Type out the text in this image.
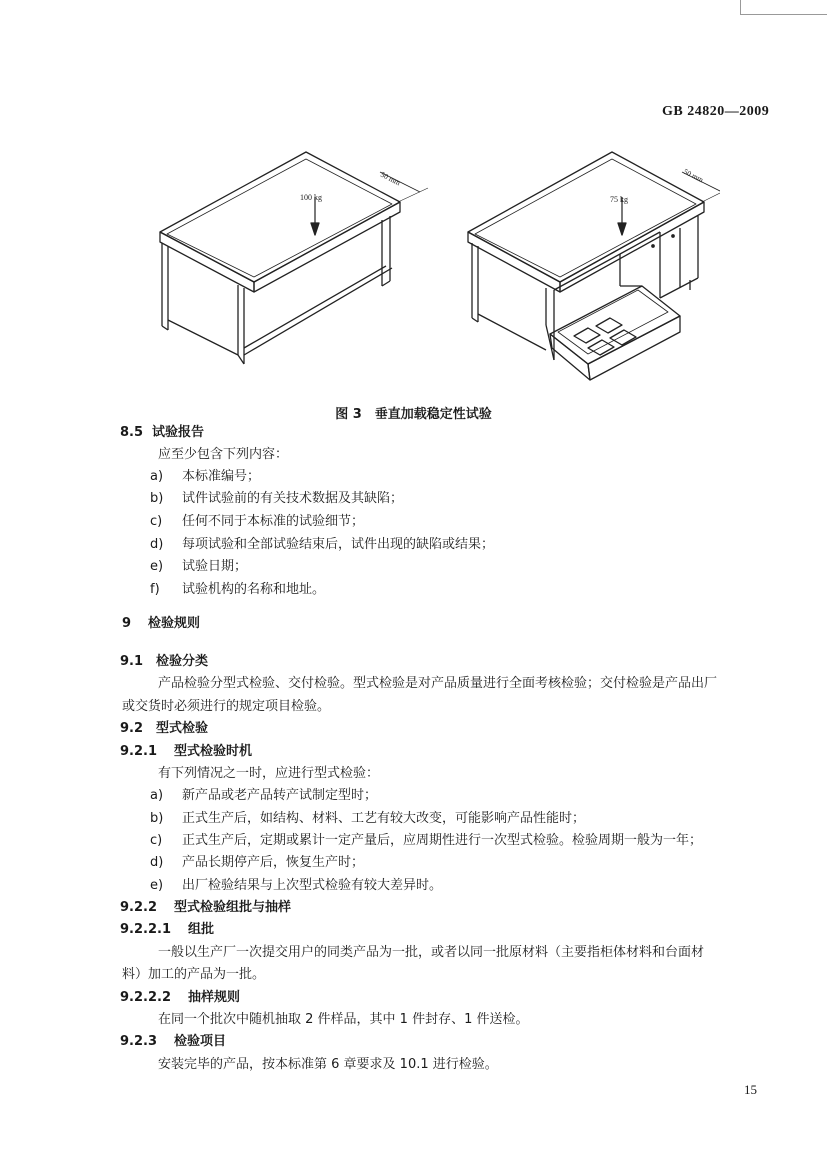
GB 24820—2009
100 kg
50 mm
75 kg
50 mm
图 3　垂直加载稳定性试验
8.5 试验报告
应至少包含下列内容：
a) 本标准编号；
b) 试件试验前的有关技术数据及其缺陷；
c) 任何不同于本标准的试验细节；
d) 每项试验和全部试验结束后，试件出现的缺陷或结果；
e) 试验日期；
f) 试验机构的名称和地址。
9 检验规则
9.1 检验分类
产品检验分型式检验、交付检验。型式检验是对产品质量进行全面考核检验；交付检验是产品出厂
或交货时必须进行的规定项目检验。
9.2 型式检验
9.2.1 型式检验时机
有下列情况之一时，应进行型式检验：
a) 新产品或老产品转产试制定型时；
b) 正式生产后，如结构、材料、工艺有较大改变，可能影响产品性能时；
c) 正式生产后，定期或累计一定产量后，应周期性进行一次型式检验。检验周期一般为一年；
d) 产品长期停产后，恢复生产时；
e) 出厂检验结果与上次型式检验有较大差异时。
9.2.2 型式检验组批与抽样
9.2.2.1 组批
一般以生产厂一次提交用户的同类产品为一批，或者以同一批原材料（主要指柜体材料和台面材
料）加工的产品为一批。
9.2.2.2 抽样规则
在同一个批次中随机抽取 2 件样品，其中 1 件封存、1 件送检。
9.2.3 检验项目
安装完毕的产品，按本标准第 6 章要求及 10.1 进行检验。
15
